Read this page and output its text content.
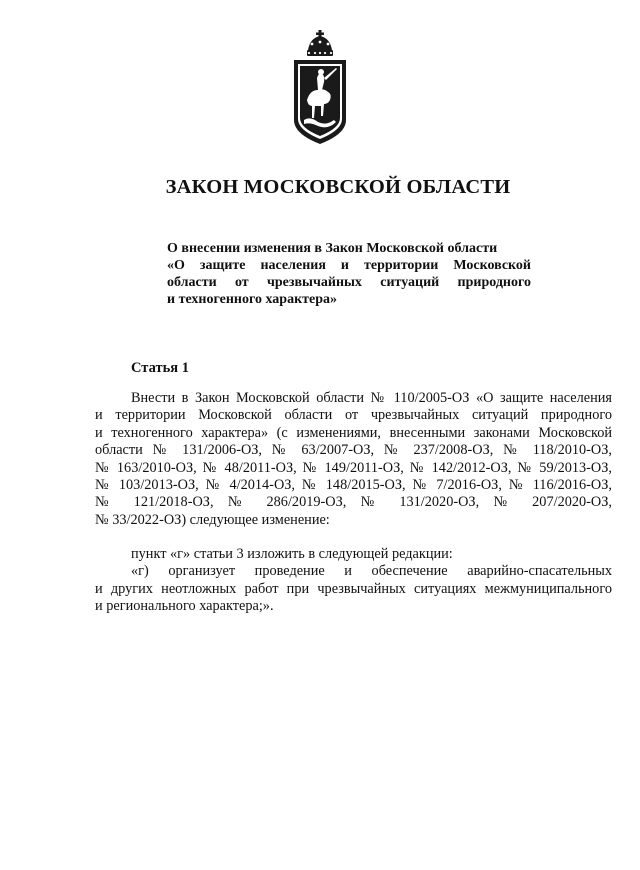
ЗАКОН МОСКОВСКОЙ ОБЛАСТИ
О внесении изменения в Закон Московской области
«О защите населения и территории Московской
области от чрезвычайных ситуаций природного
и техногенного характера»
Статья 1
Внести в Закон Московской области № 110/2005-ОЗ «О защите населения
и территории Московской области от чрезвычайных ситуаций природного
и техногенного характера» (с изменениями, внесенными законами Московской
области № 131/2006-ОЗ, № 63/2007-ОЗ, № 237/2008-ОЗ, № 118/2010-ОЗ,
№ 163/2010-ОЗ, № 48/2011-ОЗ, № 149/2011-ОЗ, № 142/2012-ОЗ, № 59/2013-ОЗ,
№ 103/2013-ОЗ, № 4/2014-ОЗ, № 148/2015-ОЗ, № 7/2016-ОЗ, № 116/2016-ОЗ,
№ 121/2018-ОЗ, № 286/2019-ОЗ, № 131/2020-ОЗ, № 207/2020-ОЗ,
№ 33/2022-ОЗ) следующее изменение:
пункт «г» статьи 3 изложить в следующей редакции:
«г) организует проведение и обеспечение аварийно-спасательных
и других неотложных работ при чрезвычайных ситуациях межмуниципального
и регионального характера;».
